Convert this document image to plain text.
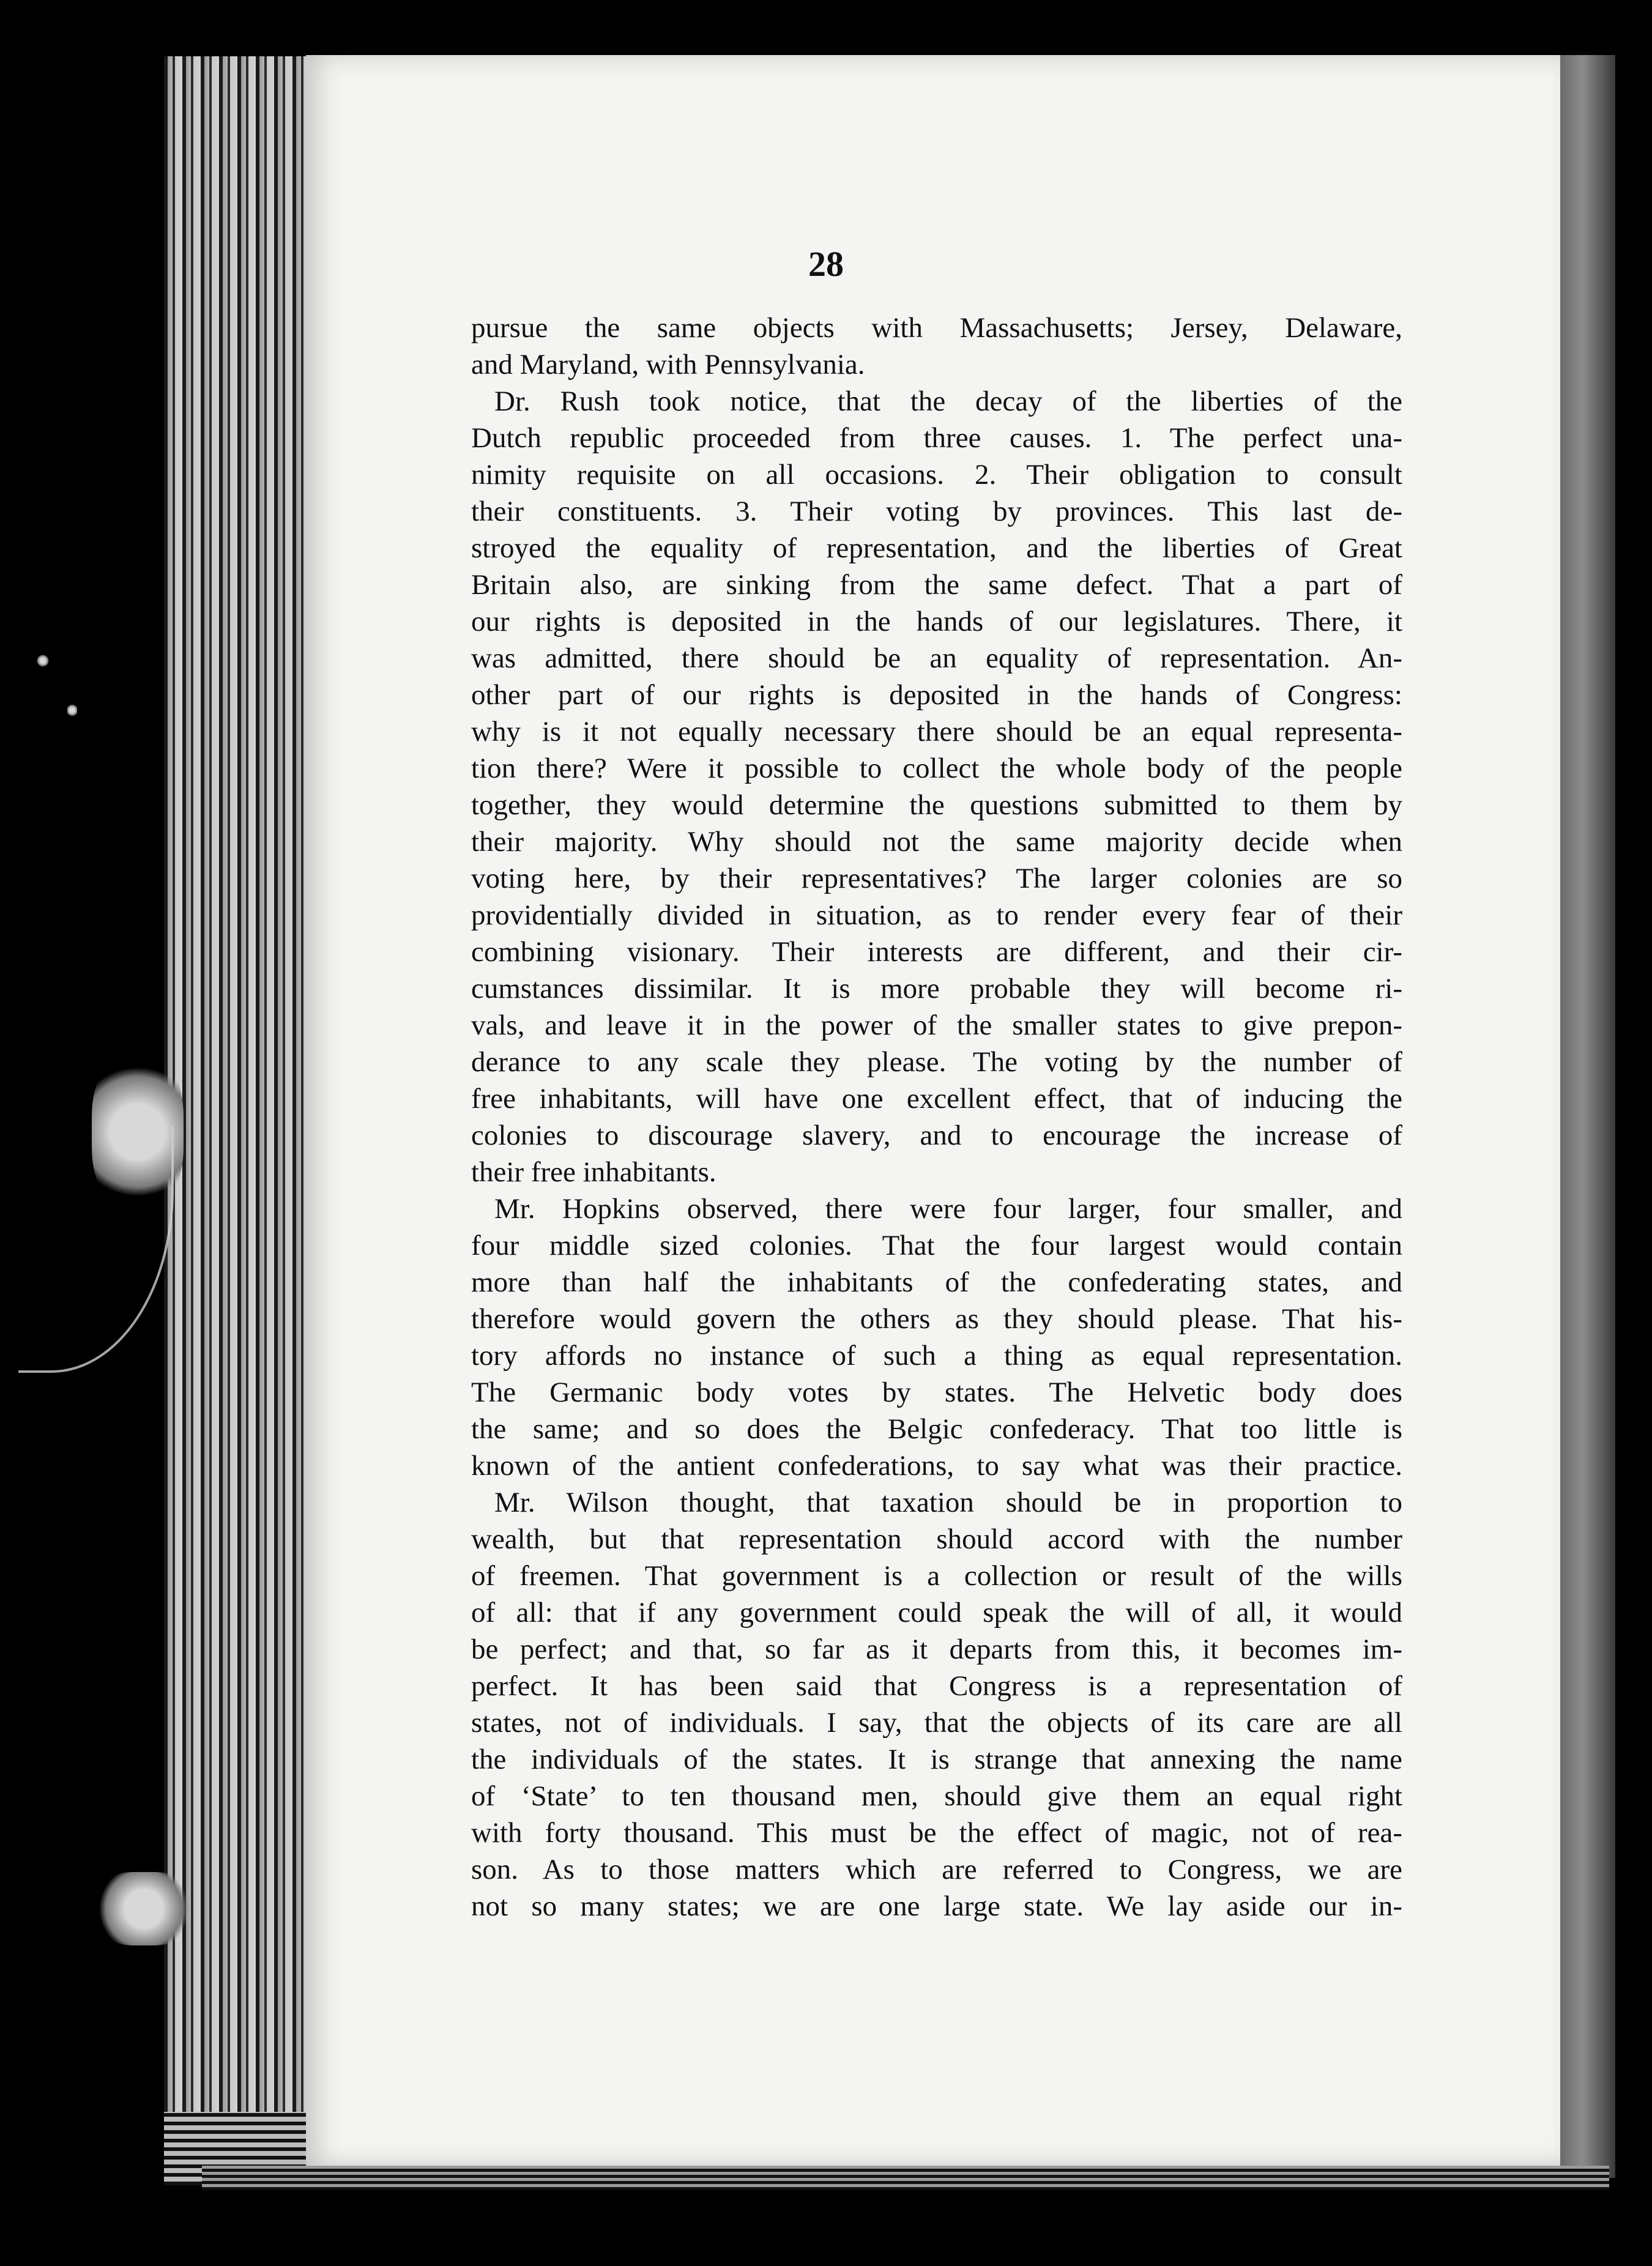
28
pursue the same objects with Massachusetts; Jersey, Delaware,
and Maryland, with Pennsylvania.
Dr. Rush took notice, that the decay of the liberties of the
Dutch republic proceeded from three causes. 1. The perfect una-
nimity requisite on all occasions. 2. Their obligation to consult
their constituents. 3. Their voting by provinces. This last de-
stroyed the equality of representation, and the liberties of Great
Britain also, are sinking from the same defect. That a part of
our rights is deposited in the hands of our legislatures. There, it
was admitted, there should be an equality of representation. An-
other part of our rights is deposited in the hands of Congress:
why is it not equally necessary there should be an equal representa-
tion there? Were it possible to collect the whole body of the people
together, they would determine the questions submitted to them by
their majority. Why should not the same majority decide when
voting here, by their representatives? The larger colonies are so
providentially divided in situation, as to render every fear of their
combining visionary. Their interests are different, and their cir-
cumstances dissimilar. It is more probable they will become ri-
vals, and leave it in the power of the smaller states to give prepon-
derance to any scale they please. The voting by the number of
free inhabitants, will have one excellent effect, that of inducing the
colonies to discourage slavery, and to encourage the increase of
their free inhabitants.
Mr. Hopkins observed, there were four larger, four smaller, and
four middle sized colonies. That the four largest would contain
more than half the inhabitants of the confederating states, and
therefore would govern the others as they should please. That his-
tory affords no instance of such a thing as equal representation.
The Germanic body votes by states. The Helvetic body does
the same; and so does the Belgic confederacy. That too little is
known of the antient confederations, to say what was their practice.
Mr. Wilson thought, that taxation should be in proportion to
wealth, but that representation should accord with the number
of freemen. That government is a collection or result of the wills
of all: that if any government could speak the will of all, it would
be perfect; and that, so far as it departs from this, it becomes im-
perfect. It has been said that Congress is a representation of
states, not of individuals. I say, that the objects of its care are all
the individuals of the states. It is strange that annexing the name
of ‘State’ to ten thousand men, should give them an equal right
with forty thousand. This must be the effect of magic, not of rea-
son. As to those matters which are referred to Congress, we are
not so many states; we are one large state. We lay aside our in-
